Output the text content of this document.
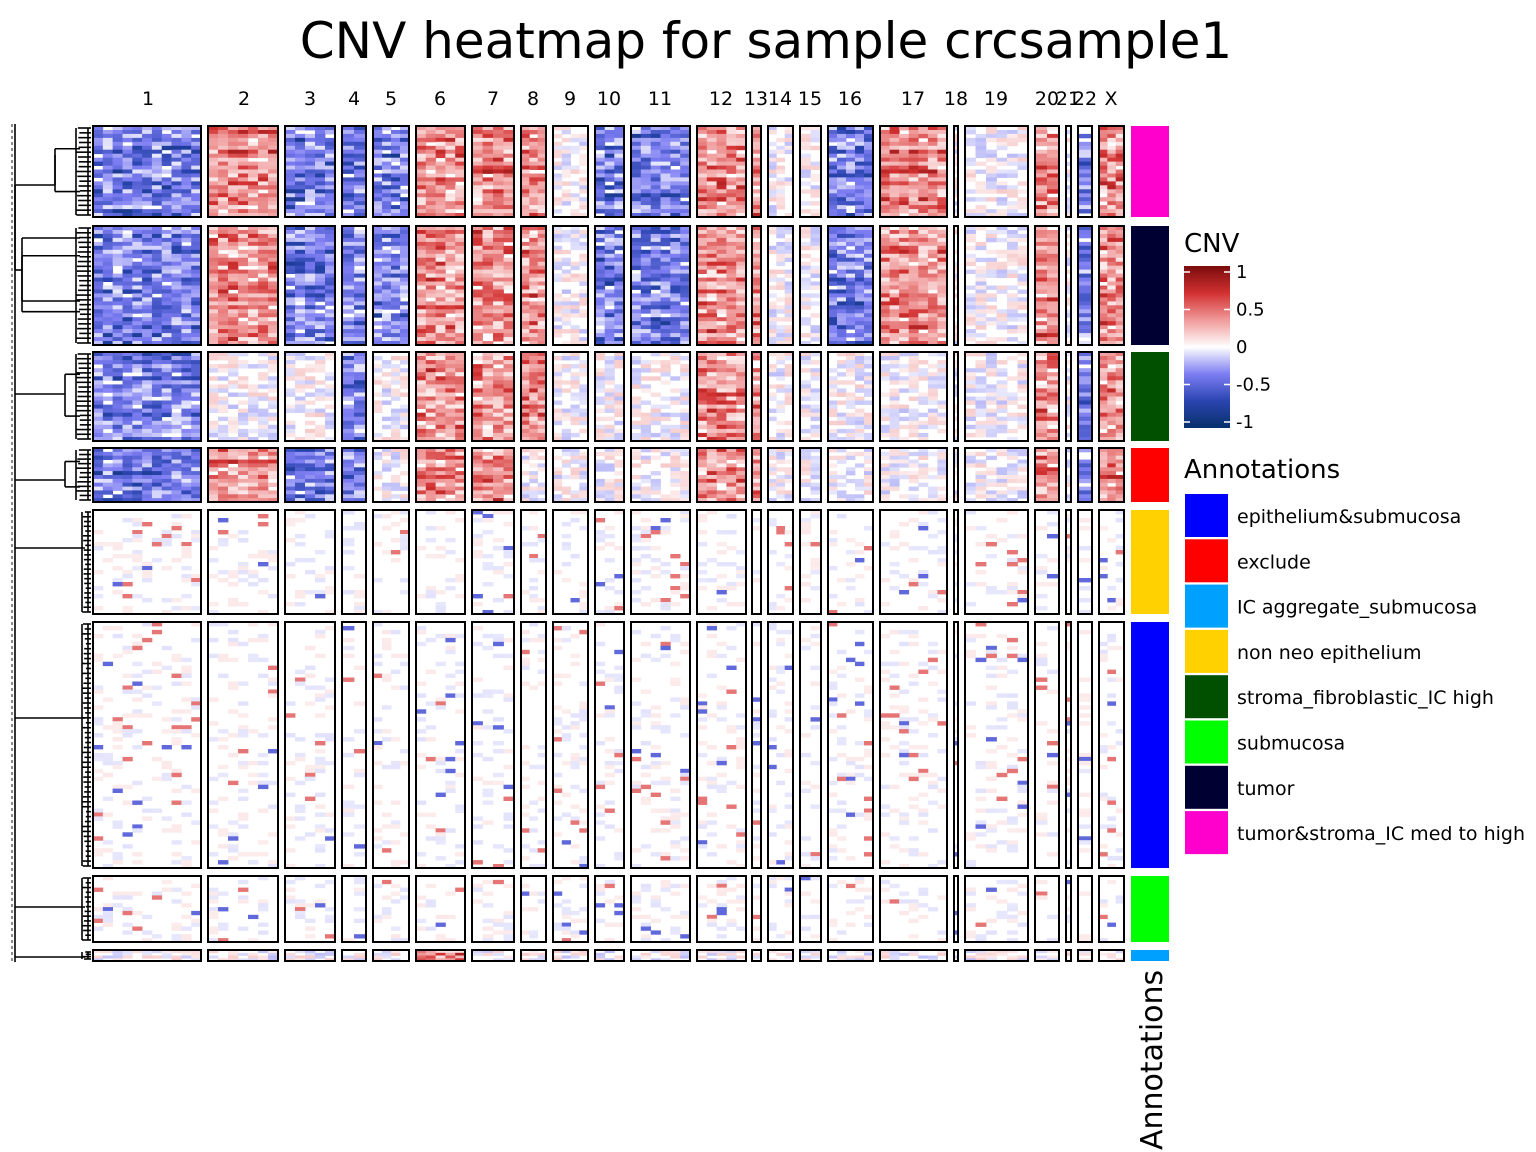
CNV heatmap for sample crcsample1
1	2	3 4 5 6 7 8 9 10 11 12 13 14 15 16 17 18 19 20
21
22 X
Annotations
CNV
1
0.5
0
-0.5
-1
Annotations
epithelium&submucosa
exclude
IC aggregate_submucosa
non neo epithelium
stroma_fibroblastic_IC high
submucosa
tumor
tumor&stroma_IC med to high
